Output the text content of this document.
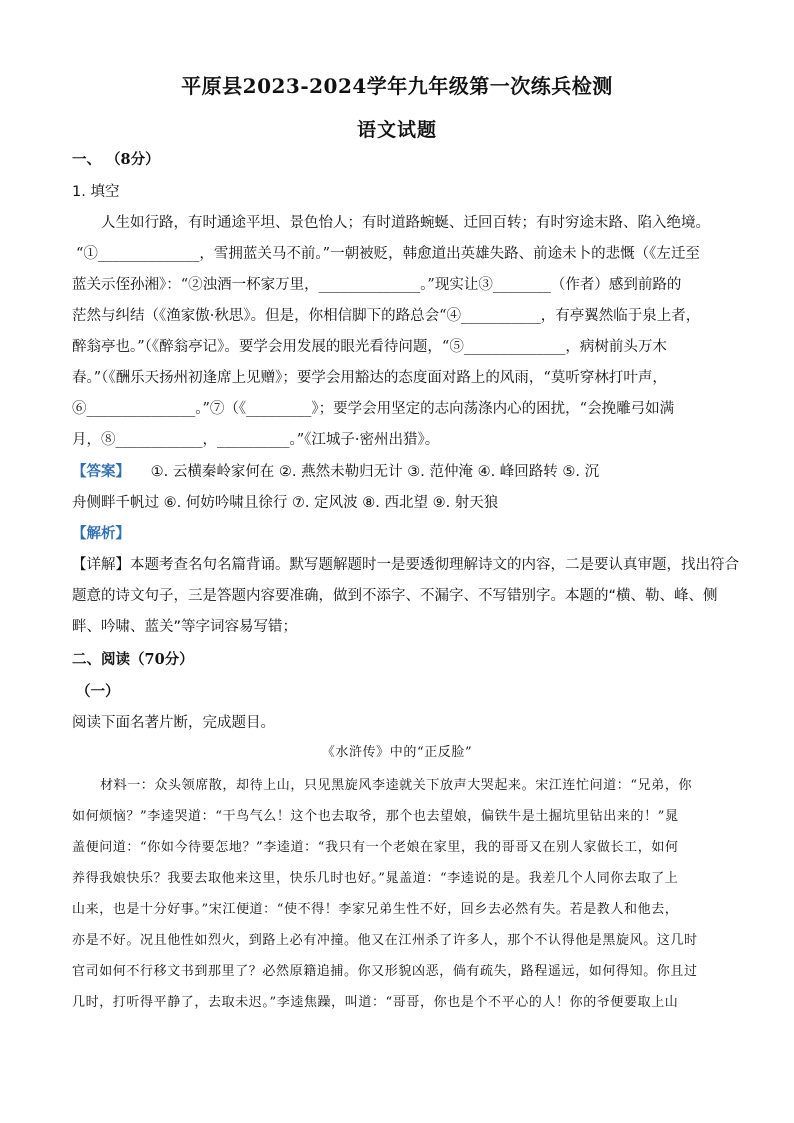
平原县2023-2024学年九年级第一次练兵检测
语文试题
一、 （8分）
1. 填空
人生如行路，有时通途平坦、景色怡人；有时道路蜿蜒、迁回百转；有时穷途末路、陷入绝境。
“①______________，雪拥蓝关马不前。”一朝被贬，韩愈道出英雄失路、前途未卜的悲慨（《左迁至
蓝关示侄孙湘》：“②浊酒一杯家万里，______________。”现实让③________（作者）感到前路的
茫然与纠结（《渔家傲·秋思》。但是，你相信脚下的路总会“④___________，有亭翼然临于泉上者，
醉翁亭也。”（《醉翁亭记》。要学会用发展的眼光看待问题，“⑤______________，病树前头万木
春。”（《酬乐天扬州初逢席上见赠》；要学会用豁达的态度面对路上的风雨，“莫听穿林打叶声，
⑥_______________。”⑦（《_________》；要学会用坚定的志向荡涤内心的困扰，“会挽雕弓如满
月，⑧____________，__________。”《江城子·密州出猎》。
【答案】 ①. 云横秦岭家何在 ②. 燕然未勒归无计 ③. 范仲淹 ④. 峰回路转 ⑤. 沉
舟侧畔千帆过 ⑥. 何妨吟啸且徐行 ⑦. 定风波 ⑧. 西北望 ⑨. 射天狼
【解析】
【详解】本题考查名句名篇背诵。默写题解题时一是要透彻理解诗文的内容，二是要认真审题，找出符合
题意的诗文句子，三是答题内容要准确，做到不添字、不漏字、不写错别字。本题的“横、勒、峰、侧
畔、吟啸、蓝关”等字词容易写错；
二、阅读（70分）
（一）
阅读下面名著片断，完成题目。
《水浒传》中的“正反脸”
材料一：众头领席散，却待上山，只见黑旋风李逵就关下放声大哭起来。宋江连忙问道：“兄弟，你
如何烦恼？”李逵哭道：“干鸟气么！这个也去取爷，那个也去望娘，偏铁牛是土掘坑里钻出来的！”晁
盖便问道：“你如今待要怎地？”李逵道：“我只有一个老娘在家里，我的哥哥又在别人家做长工，如何
养得我娘快乐？我要去取他来这里，快乐几时也好。”晁盖道：“李逵说的是。我差几个人同你去取了上
山来，也是十分好事。”宋江便道：“使不得！李家兄弟生性不好，回乡去必然有失。若是教人和他去，
亦是不好。况且他性如烈火，到路上必有冲撞。他又在江州杀了许多人，那个不认得他是黑旋风。这几时
官司如何不行移文书到那里了？必然原籍追捕。你又形貌凶恶，倘有疏失，路程遥远，如何得知。你且过
几时，打听得平静了，去取未迟。”李逵焦躁，叫道：“哥哥，你也是个不平心的人！你的爷便要取上山
